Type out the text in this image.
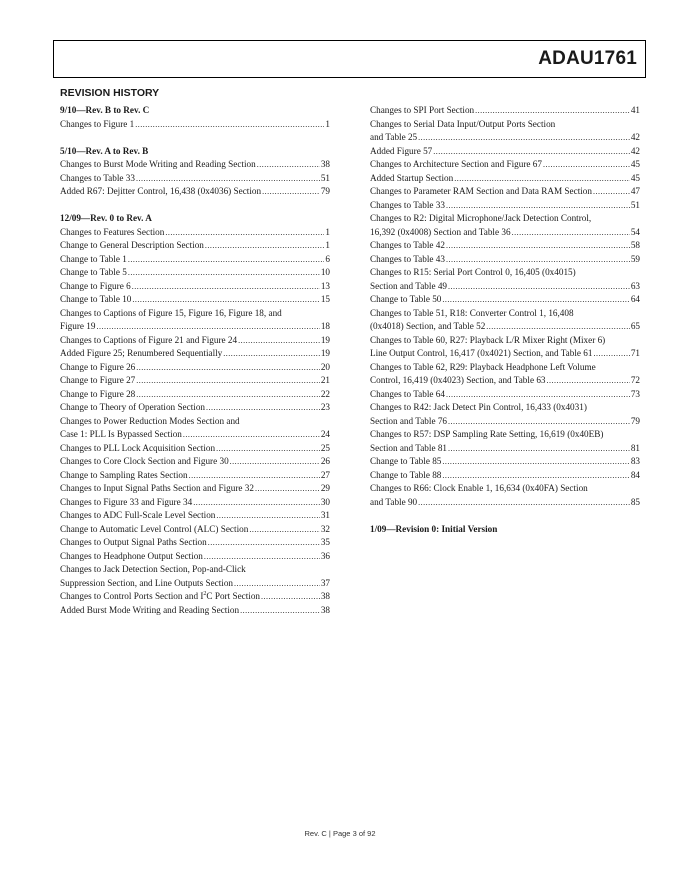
ADAU1761
REVISION HISTORY
9/10—Rev. B to Rev. C
Changes to Figure 1 .....	1
5/10—Rev. A to Rev. B
Changes to Burst Mode Writing and Reading Section .....	38
Changes to Table 33 .....	51
Added R67: Dejitter Control, 16,438 (0x4036) Section .....	79
12/09—Rev. 0 to Rev. A
Changes to Features Section .....	1
Change to General Description Section .....	1
Change to Table 1 .....	6
Change to Table 5 .....	10
Change to Figure 6 .....	13
Change to Table 10 .....	15
Changes to Captions of Figure 15, Figure 16, Figure 18, and
Figure 19 .....	18
Changes to Captions of Figure 21 and Figure 24 .....	19
Added Figure 25; Renumbered Sequentially .....	19
Change to Figure 26 .....	20
Change to Figure 27 .....	21
Change to Figure 28 .....	22
Change to Theory of Operation Section .....	23
Changes to Power Reduction Modes Section and
Case 1: PLL Is Bypassed Section .....	24
Changes to PLL Lock Acquisition Section .....	25
Changes to Core Clock Section and Figure 30 .....	26
Change to Sampling Rates Section .....	27
Changes to Input Signal Paths Section and Figure 32 .....	29
Changes to Figure 33 and Figure 34 .....	30
Changes to ADC Full-Scale Level Section .....	31
Change to Automatic Level Control (ALC) Section .....	32
Changes to Output Signal Paths Section .....	35
Changes to Headphone Output Section .....	36
Changes to Jack Detection Section, Pop-and-Click
Suppression Section, and Line Outputs Section .....	37
Changes to Control Ports Section and $I^2C$ Port Section .....	38
Added Burst Mode Writing and Reading Section .....	38
Changes to SPI Port Section .....	41
Changes to Serial Data Input/Output Ports Section
and Table 25 .....	42
Added Figure 57 .....	42
Changes to Architecture Section and Figure 67 .....	45
Added Startup Section .....	45
Changes to Parameter RAM Section and Data RAM Section .....	47
Changes to Table 33 .....	51
Changes to R2: Digital Microphone/Jack Detection Control,
16,392 (0x4008) Section and Table 36 .....	54
Changes to Table 42 .....	58
Changes to Table 43 .....	59
Changes to R15: Serial Port Control 0, 16,405 (0x4015)
Section and Table 49 .....	63
Change to Table 50 .....	64
Changes to Table 51, R18: Converter Control 1, 16,408
(0x4018) Section, and Table 52 .....	65
Changes to Table 60, R27: Playback L/R Mixer Right (Mixer 6)
Line Output Control, 16,417 (0x4021) Section, and Table 61 .....	71
Changes to Table 62, R29: Playback Headphone Left Volume
Control, 16,419 (0x4023) Section, and Table 63 .....	72
Changes to Table 64 .....	73
Changes to R42: Jack Detect Pin Control, 16,433 (0x4031)
Section and Table 76 .....	79
Changes to R57: DSP Sampling Rate Setting, 16,619 (0x40EB)
Section and Table 81 .....	81
Change to Table 85 .....	83
Change to Table 88 .....	84
Changes to R66: Clock Enable 1, 16,634 (0x40FA) Section
and Table 90 .....	85
1/09—Revision 0: Initial Version
Rev. C | Page 3 of 92
